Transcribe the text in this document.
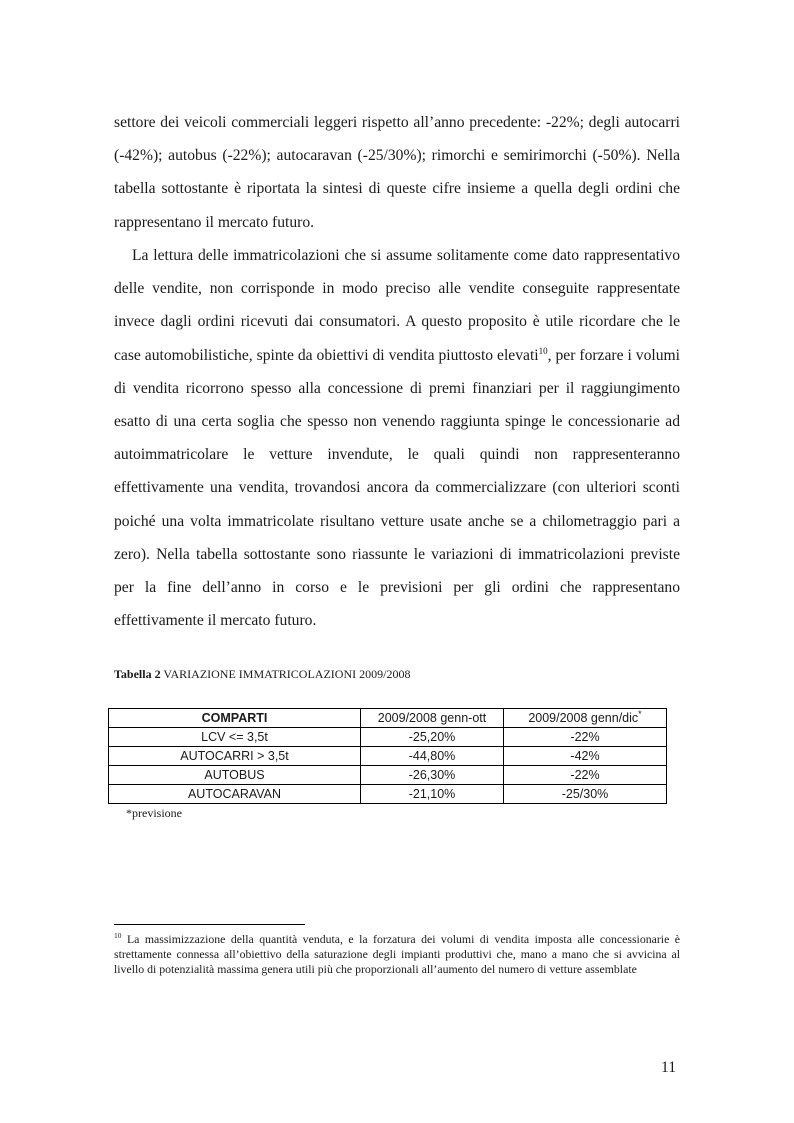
settore dei veicoli commerciali leggeri rispetto all’anno precedente: -22%; degli autocarri (-42%); autobus (-22%); autocaravan (-25/30%); rimorchi e semirimorchi (-50%). Nella tabella sottostante è riportata la sintesi di queste cifre insieme a quella degli ordini che rappresentano il mercato futuro.

La lettura delle immatricolazioni che si assume solitamente come dato rappresentativo delle vendite, non corrisponde in modo preciso alle vendite conseguite rappresentate invece dagli ordini ricevuti dai consumatori. A questo proposito è utile ricordare che le case automobilistiche, spinte da obiettivi di vendita piuttosto elevati$^{10}$, per forzare i volumi di vendita ricorrono spesso alla concessione di premi finanziari per il raggiungimento esatto di una certa soglia che spesso non venendo raggiunta spinge le concessionarie ad autoimmatricolare le vetture invendute, le quali quindi non rappresenteranno effettivamente una vendita, trovandosi ancora da commercializzare (con ulteriori sconti poiché una volta immatricolate risultano vetture usate anche se a chilometraggio pari a zero). Nella tabella sottostante sono riassunte le variazioni di immatricolazioni previste per la fine dell’anno in corso e le previsioni per gli ordini che rappresentano effettivamente il mercato futuro.

Tabella 2 VARIAZIONE IMMATRICOLAZIONI 2009/2008

COMPARTI	2009/2008 genn-ott	2009/2008 genn/dic*
LCV <= 3,5t	-25,20%	-22%
AUTOCARRI > 3,5t	-44,80%	-42%
AUTOBUS	-26,30%	-22%
AUTOCARAVAN	-21,10%	-25/30%

*previsione

$^{10}$ La massimizzazione della quantità venduta, e la forzatura dei volumi di vendita imposta alle concessionarie è strettamente connessa all’obiettivo della saturazione degli impianti produttivi che, mano a mano che si avvicina al livello di potenzialità massima genera utili più che proporzionali all’aumento del numero di vetture assemblate

11
